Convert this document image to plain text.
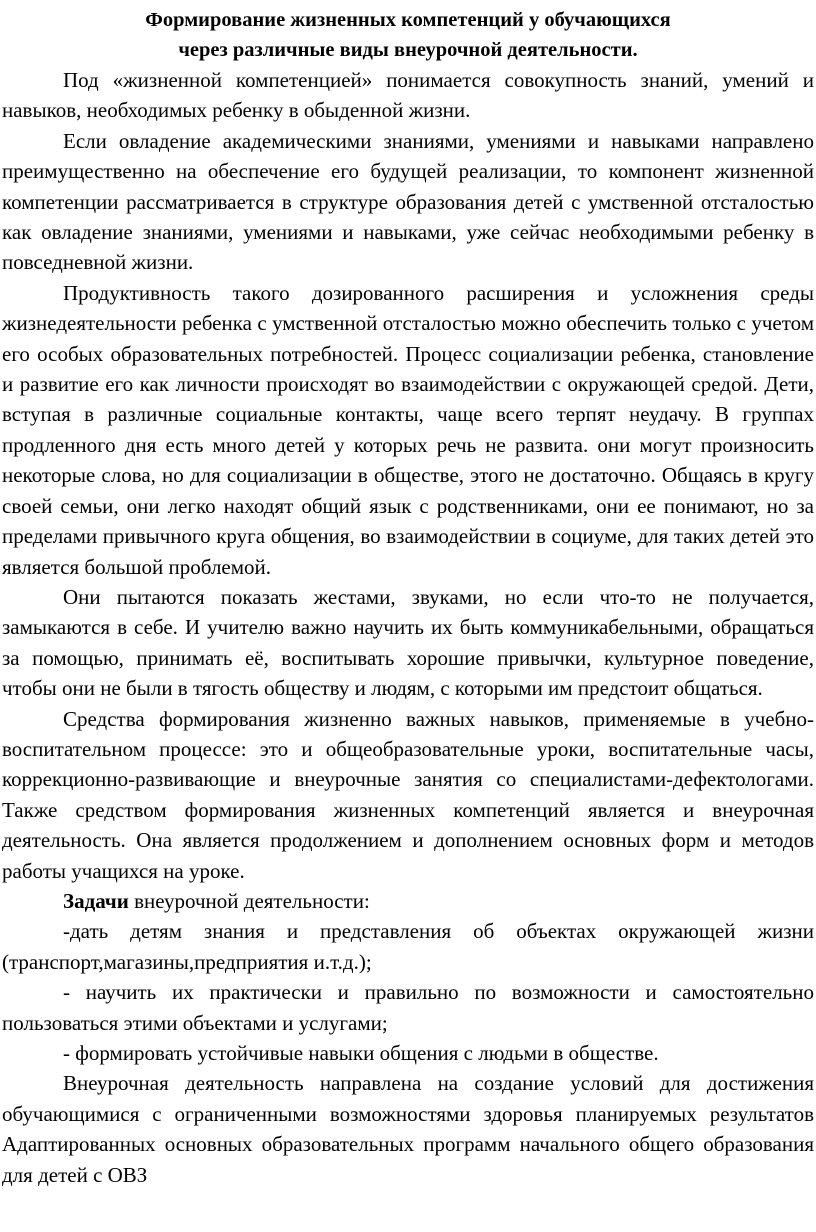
Формирование жизненных компетенций у обучающихся
через различные виды внеурочной деятельности.

Под «жизненной компетенцией» понимается совокупность знаний, умений и навыков, необходимых ребенку в обыденной жизни.

Если овладение академическими знаниями, умениями и навыками направлено преимущественно на обеспечение его будущей реализации, то компонент жизненной компетенции рассматривается в структуре образования детей с умственной отсталостью как овладение знаниями, умениями и навыками, уже сейчас необходимыми ребенку в повседневной жизни.

Продуктивность такого дозированного расширения и усложнения среды жизнедеятельности ребенка с умственной отсталостью можно обеспечить только с учетом его особых образовательных потребностей. Процесс социализации ребенка, становление и развитие его как личности происходят во взаимодействии с окружающей средой. Дети, вступая в различные социальные контакты, чаще всего терпят неудачу. В группах продленного дня есть много детей у которых речь не развита. они могут произносить некоторые слова, но для социализации в обществе, этого не достаточно. Общаясь в кругу своей семьи, они легко находят общий язык с родственниками, они ее понимают, но за пределами привычного круга общения, во взаимодействии в социуме, для таких детей это является большой проблемой.

Они пытаются показать жестами, звуками, но если что-то не получается, замыкаются в себе. И учителю важно научить их быть коммуникабельными, обращаться за помощью, принимать её, воспитывать хорошие привычки, культурное поведение, чтобы они не были в тягость обществу и людям, с которыми им предстоит общаться.

Средства формирования жизненно важных навыков, применяемые в учебно-воспитательном процессе: это и общеобразовательные уроки, воспитательные часы, коррекционно-развивающие и внеурочные занятия со специалистами-дефектологами. Также средством формирования жизненных компетенций является и внеурочная деятельность. Она является продолжением и дополнением основных форм и методов работы учащихся на уроке.

Задачи внеурочной деятельности:

-дать детям знания и представления об объектах окружающей жизни (транспорт,магазины,предприятия и.т.д.);

- научить их практически и правильно по возможности и самостоятельно пользоваться этими объектами и услугами;

- формировать устойчивые навыки общения с людьми в обществе.

Внеурочная деятельность направлена на создание условий для достижения обучающимися с ограниченными возможностями здоровья планируемых результатов Адаптированных основных образовательных программ начального общего образования для детей с ОВЗ
